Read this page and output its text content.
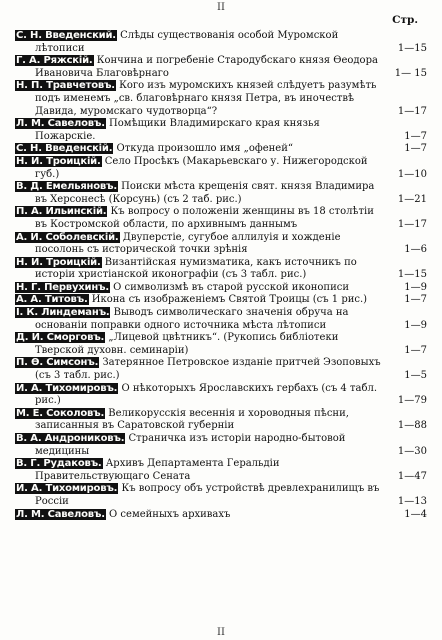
II
Стр.
С. Н. Введенский. Слѣды существованія особой Муромской лѣтописи	1—15
Г. А. Ряжскій. Кончина и погребеніе Стародубскаго князя Ѳеодора Ивановича Благовѣрнаго	1— 15
Н. П. Травчетовъ. Кого изъ муромскихъ князей слѣдуетъ разумѣть подъ именемъ „св. благовѣрнаго князя Петра, въ иночествѣ Давида, муромскаго чудотворца“?	1—17
Л. М. Савеловъ. Помѣщики Владимирскаго края князья Пожарскіе.	1—7
С. Н. Введенскій. Откуда произошло имя „офеней“	1—7
Н. И. Троицкій. Село Просѣкъ (Макарьевскаго у. Нижегородской губ.)	1—10
В. Д. Емельяновъ. Поиски мѣста крещенія свят. князя Владимира въ Херсонесѣ (Корсунь) (съ 2 таб. рис.)	1—21
П. А. Ильинскій. Къ вопросу о положеніи женщины въ 18 столѣтіи въ Костромской области, по архивнымъ даннымъ	1—17
А. И. Соболевскій. Двуперстіе, сугубое аллилуія и хожденіе посолонь съ исторической точки зрѣнія	1—6
Н. И. Троицкій. Византійская нумизматика, какъ источникъ по исторіи христіанской иконографіи (съ 3 табл. рис.)	1—15
Н. Г. Первухинъ. О символизмѣ въ старой русской иконописи	1—9
А. А. Титовъ. Икона съ изображеніемъ Святой Троицы (съ 1 рис.)	1—7
І. К. Линдеманъ. Выводъ символическаго значенія обруча на основаніи поправки одного источника мѣста лѣтописи	1—9
Д. И. Сморговъ. „Лицевой цвѣтникъ“. (Рукопись библіотеки Тверской духовн. семинаріи)	1—7
П. Ѳ. Симсонъ. Затерянное Петровское изданіе притчей Эзоповыхъ (съ 3 табл. рис.)	1—5
И. А. Тихомировъ. О нѣкоторыхъ Ярославскихъ гербахъ (съ 4 табл. рис.)	1—79
М. Е. Соколовъ. Великорусскія весеннія и хороводныя пѣсни, записанныя въ Саратовской губерніи	1—88
В. А. Андрониковъ. Страничка изъ исторіи народно-бытовой медицины	1—30
В. Г. Рудаковъ. Архивъ Департамента Геральдіи Правительствующаго Сената	1—47
И. А. Тихомировъ. Къ вопросу объ устройствѣ древлехранилищъ въ Россіи	1—13
Л. М. Савеловъ. О семейныхъ архивахъ	1—4
II
